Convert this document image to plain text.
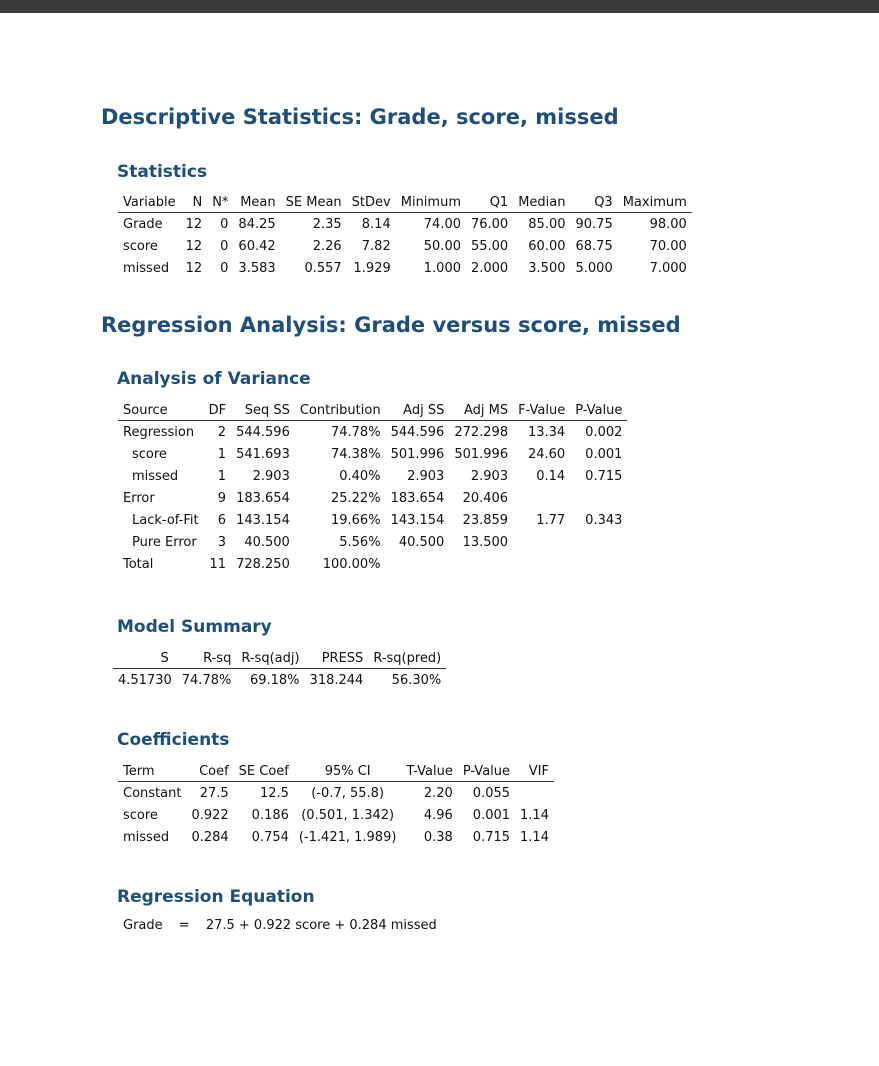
Descriptive Statistics: Grade, score, missed
Statistics
Variable	N	N*	Mean	SE Mean	StDev	Minimum	Q1	Median	Q3	Maximum
Grade	12	0	84.25	2.35	8.14	74.00	76.00	85.00	90.75	98.00
score	12	0	60.42	2.26	7.82	50.00	55.00	60.00	68.75	70.00
missed	12	0	3.583	0.557	1.929	1.000	2.000	3.500	5.000	7.000
Regression Analysis: Grade versus score, missed
Analysis of Variance
Source	DF	Seq SS	Contribution	Adj SS	Adj MS	F-Value	P-Value
Regression	2	544.596	74.78%	544.596	272.298	13.34	0.002
score	1	541.693	74.38%	501.996	501.996	24.60	0.001
missed	1	2.903	0.40%	2.903	2.903	0.14	0.715
Error	9	183.654	25.22%	183.654	20.406		
Lack-of-Fit	6	143.154	19.66%	143.154	23.859	1.77	0.343
Pure Error	3	40.500	5.56%	40.500	13.500		
Total	11	728.250	100.00%				
Model Summary
S	R-sq	R-sq(adj)	PRESS	R-sq(pred)
4.51730	74.78%	69.18%	318.244	56.30%
Coefficients
Term	Coef	SE Coef	95% CI	T-Value	P-Value	VIF
Constant	27.5	12.5	(-0.7, 55.8)	2.20	0.055	
score	0.922	0.186	(0.501, 1.342)	4.96	0.001	1.14
missed	0.284	0.754	(-1.421, 1.989)	0.38	0.715	1.14
Regression Equation
Grade = 27.5 + 0.922 score + 0.284 missed
